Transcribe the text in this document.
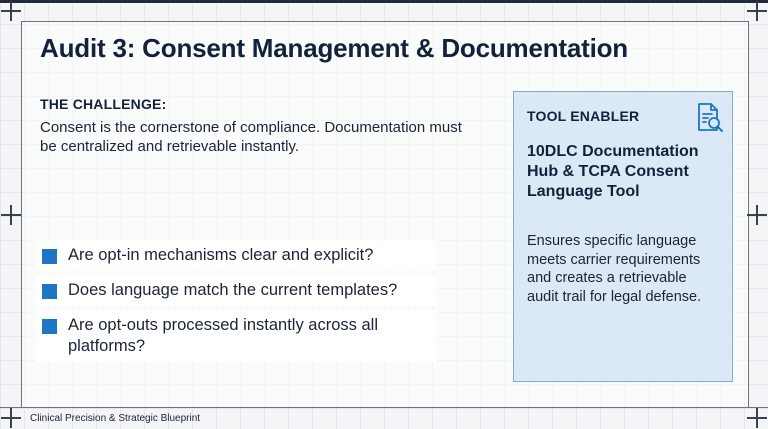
Audit 3: Consent Management & Documentation
THE CHALLENGE:
Consent is the cornerstone of compliance. Documentation must be centralized and retrievable instantly.
Are opt-in mechanisms clear and explicit?
Does language match the current templates?
Are opt-outs processed instantly across all platforms?
TOOL ENABLER
10DLC Documentation Hub & TCPA Consent Language Tool
Ensures specific language meets carrier requirements and creates a retrievable audit trail for legal defense.
Clinical Precision & Strategic Blueprint
